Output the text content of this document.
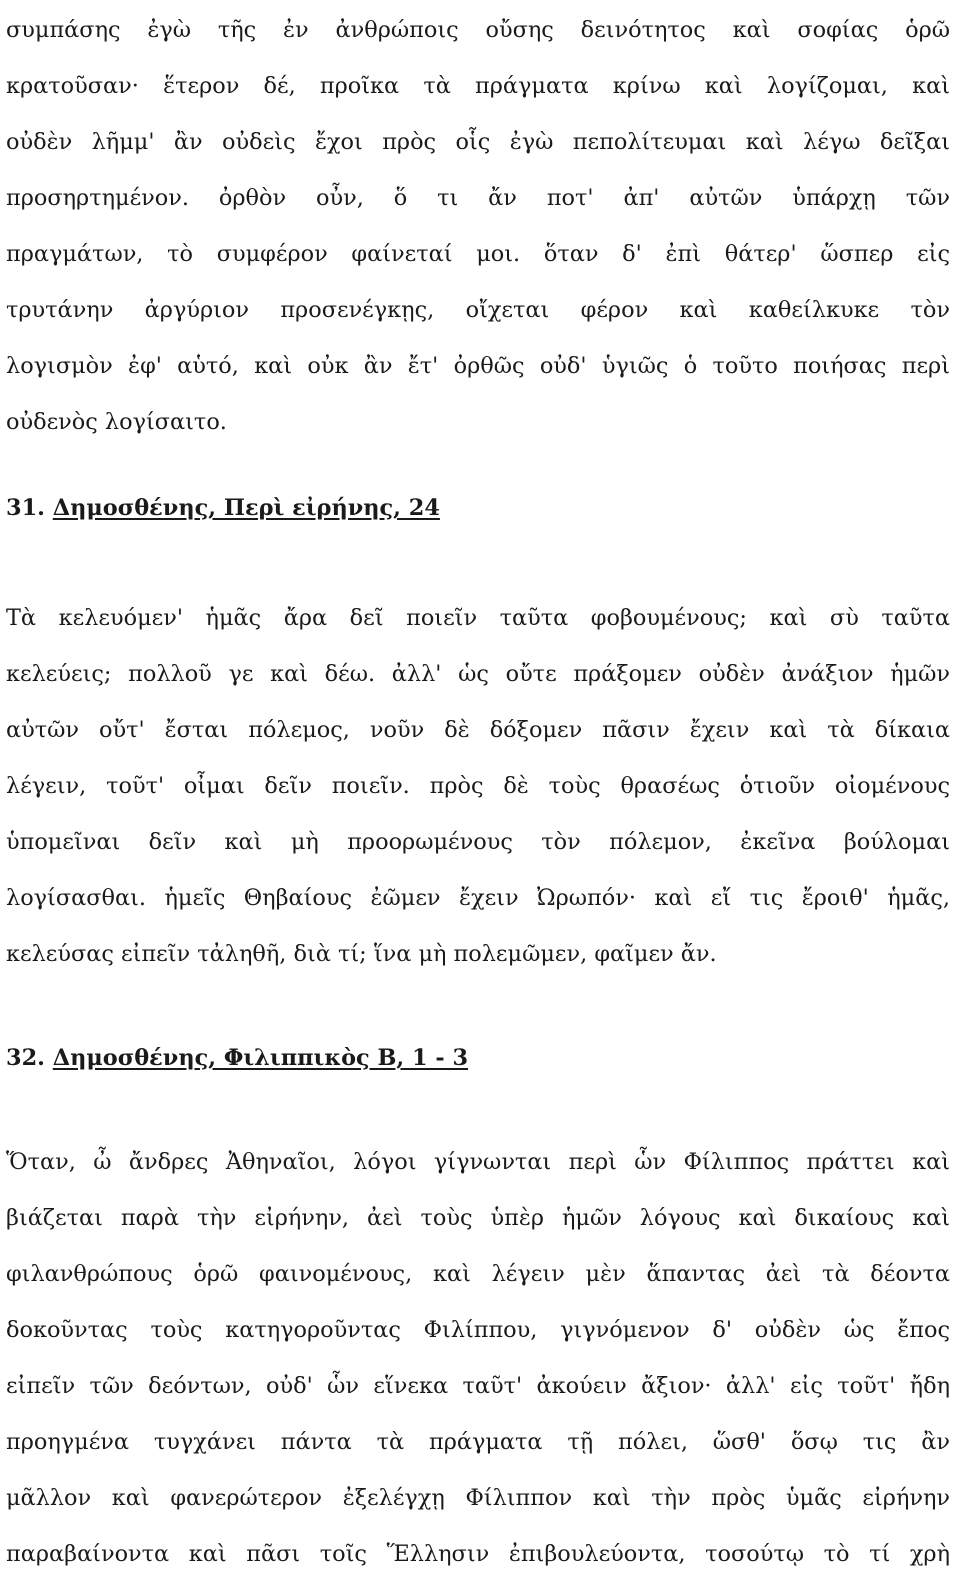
συμπάσης ἐγὼ τῆς ἐν ἀνθρώποις οὔσης δεινότητος καὶ σοφίας ὁρῶ
κρατοῦσαν· ἕτερον δέ, προῖκα τὰ πράγματα κρίνω καὶ λογίζομαι, καὶ
οὐδὲν λῆμμ' ἂν οὐδεὶς ἔχοι πρὸς οἷς ἐγὼ πεπολίτευμαι καὶ λέγω δεῖξαι
προσηρτημένον. ὀρθὸν οὖν, ὅ τι ἄν ποτ' ἀπ' αὐτῶν ὑπάρχῃ τῶν
πραγμάτων, τὸ συμφέρον φαίνεταί μοι. ὅταν δ' ἐπὶ θάτερ' ὥσπερ εἰς
τρυτάνην ἀργύριον προσενέγκῃς, οἴχεται φέρον καὶ καθείλκυκε τὸν
λογισμὸν ἐφ' αὑτό, καὶ οὐκ ἂν ἔτ' ὀρθῶς οὐδ' ὑγιῶς ὁ τοῦτο ποιήσας περὶ
οὐδενὸς λογίσαιτο.
31. Δημοσθένης, Περὶ εἰρήνης, 24
Τὰ κελευόμεν' ἡμᾶς ἄρα δεῖ ποιεῖν ταῦτα φοβουμένους; καὶ σὺ ταῦτα
κελεύεις; πολλοῦ γε καὶ δέω. ἀλλ' ὡς οὔτε πράξομεν οὐδὲν ἀνάξιον ἡμῶν
αὐτῶν οὔτ' ἔσται πόλεμος, νοῦν δὲ δόξομεν πᾶσιν ἔχειν καὶ τὰ δίκαια
λέγειν, τοῦτ' οἶμαι δεῖν ποιεῖν. πρὸς δὲ τοὺς θρασέως ὁτιοῦν οἰομένους
ὑπομεῖναι δεῖν καὶ μὴ προορωμένους τὸν πόλεμον, ἐκεῖνα βούλομαι
λογίσασθαι. ἡμεῖς Θηβαίους ἐῶμεν ἔχειν Ὠρωπόν· καὶ εἴ τις ἔροιθ' ἡμᾶς,
κελεύσας εἰπεῖν τἀληθῆ, διὰ τί; ἵνα μὴ πολεμῶμεν, φαῖμεν ἄν.
32. Δημοσθένης, Φιλιππικὸς Β, 1 - 3
Ὅταν, ὦ ἄνδρες Ἀθηναῖοι, λόγοι γίγνωνται περὶ ὧν Φίλιππος πράττει καὶ
βιάζεται παρὰ τὴν εἰρήνην, ἀεὶ τοὺς ὑπὲρ ἡμῶν λόγους καὶ δικαίους καὶ
φιλανθρώπους ὁρῶ φαινομένους, καὶ λέγειν μὲν ἅπαντας ἀεὶ τὰ δέοντα
δοκοῦντας τοὺς κατηγοροῦντας Φιλίππου, γιγνόμενον δ' οὐδὲν ὡς ἔπος
εἰπεῖν τῶν δεόντων, οὐδ' ὧν εἵνεκα ταῦτ' ἀκούειν ἄξιον· ἀλλ' εἰς τοῦτ' ἤδη
προηγμένα τυγχάνει πάντα τὰ πράγματα τῇ πόλει, ὥσθ' ὅσῳ τις ἂν
μᾶλλον καὶ φανερώτερον ἐξελέγχῃ Φίλιππον καὶ τὴν πρὸς ὑμᾶς εἰρήνην
παραβαίνοντα καὶ πᾶσι τοῖς Ἕλλησιν ἐπιβουλεύοντα, τοσούτῳ τὸ τί χρὴ
